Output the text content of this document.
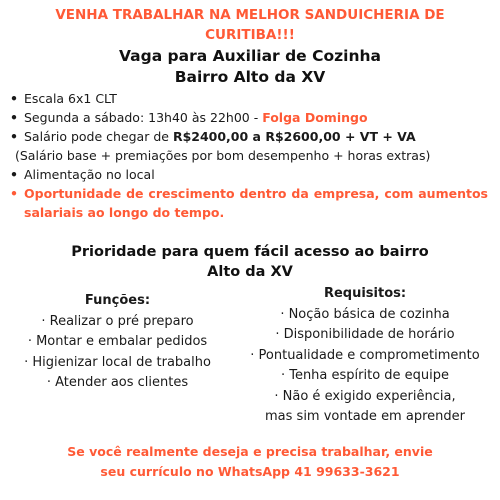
VENHA TRABALHAR NA MELHOR SANDUICHERIA DE
CURITIBA!!!
Vaga para Auxiliar de Cozinha
Bairro Alto da XV
• Escala 6x1 CLT
• Segunda a sábado: 13h40 às 22h00 - Folga Domingo
• Salário pode chegar de R$2400,00 a R$2600,00 + VT + VA
(Salário base + premiações por bom desempenho + horas extras)
• Alimentação no local
• Oportunidade de crescimento dentro da empresa, com aumentos salariais ao longo do tempo.
Prioridade para quem fácil acesso ao bairro
Alto da XV
Funções:
· Realizar o pré preparo
· Montar e embalar pedidos
· Higienizar local de trabalho
· Atender aos clientes
Requisitos:
· Noção básica de cozinha
· Disponibilidade de horário
· Pontualidade e comprometimento
· Tenha espírito de equipe
· Não é exigido experiência,
mas sim vontade em aprender
Se você realmente deseja e precisa trabalhar, envie
seu currículo no WhatsApp 41 99633-3621
